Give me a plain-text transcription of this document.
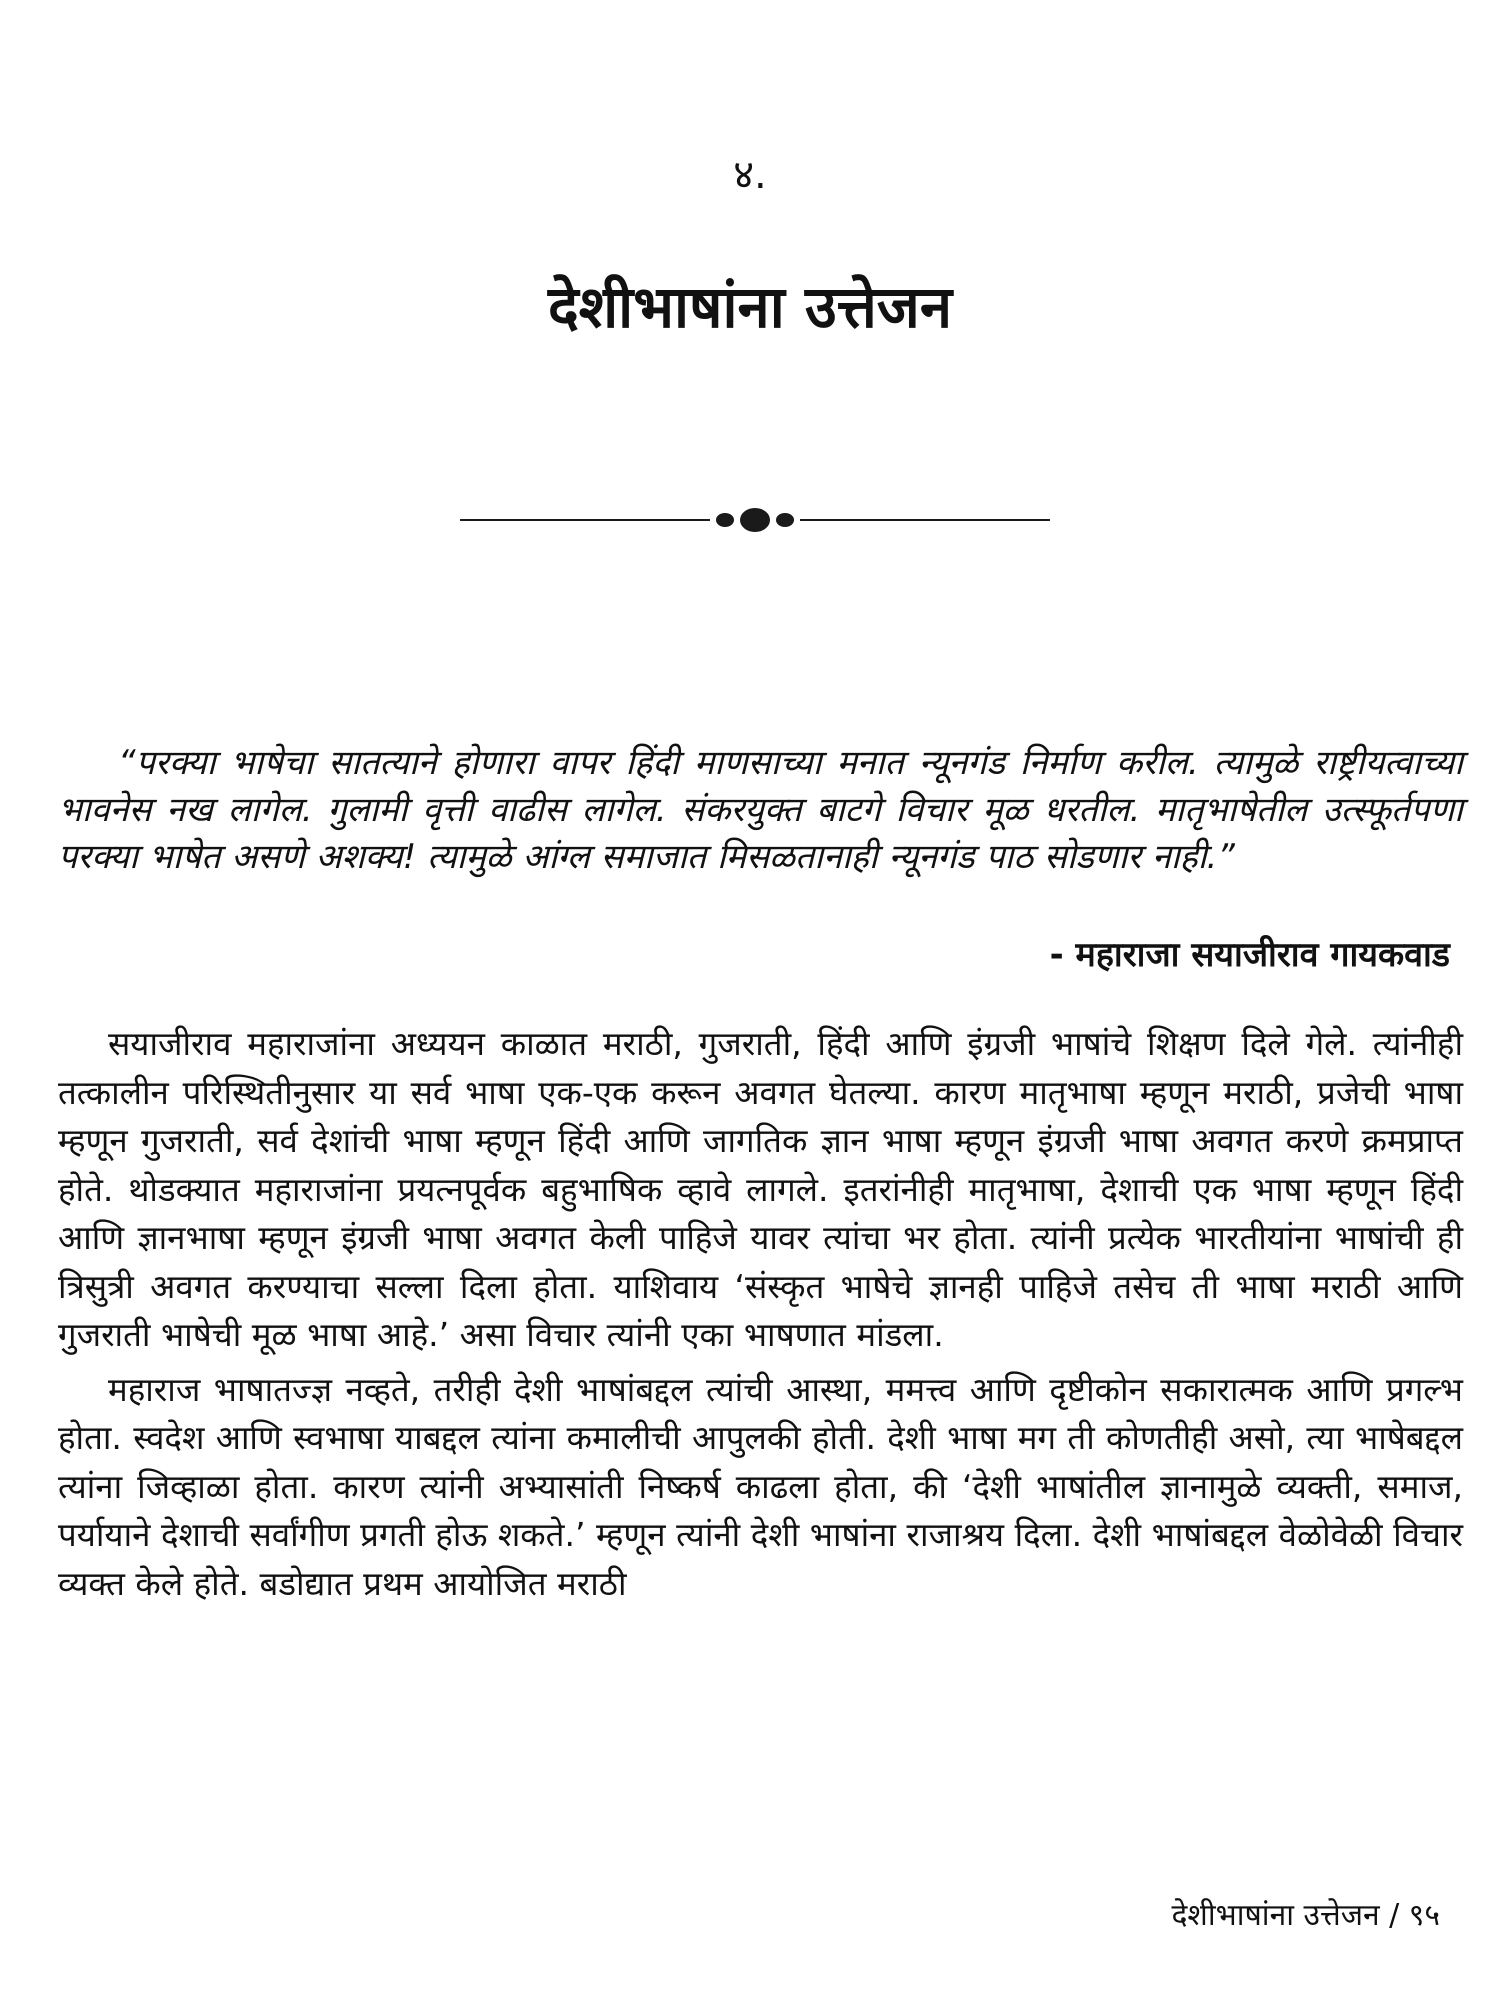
४.
देशीभाषांना उत्तेजन
“परक्या भाषेचा सातत्याने होणारा वापर हिंदी माणसाच्या मनात न्यूनगंड निर्माण करील. त्यामुळे राष्ट्रीयत्वाच्या भावनेस नख लागेल. गुलामी वृत्ती वाढीस लागेल. संकरयुक्त बाटगे विचार मूळ धरतील. मातृभाषेतील उत्स्फूर्तपणा परक्या भाषेत असणे अशक्य! त्यामुळे आंग्ल समाजात मिसळतानाही न्यूनगंड पाठ सोडणार नाही.”
- महाराजा सयाजीराव गायकवाड

सयाजीराव महाराजांना अध्ययन काळात मराठी, गुजराती, हिंदी आणि इंग्रजी भाषांचे शिक्षण दिले गेले. त्यांनीही तत्कालीन परिस्थितीनुसार या सर्व भाषा एक-एक करून अवगत घेतल्या. कारण मातृभाषा म्हणून मराठी, प्रजेची भाषा म्हणून गुजराती, सर्व देशांची भाषा म्हणून हिंदी आणि जागतिक ज्ञान भाषा म्हणून इंग्रजी भाषा अवगत करणे क्रमप्राप्त होते. थोडक्यात महाराजांना प्रयत्नपूर्वक बहुभाषिक व्हावे लागले. इतरांनीही मातृभाषा, देशाची एक भाषा म्हणून हिंदी आणि ज्ञानभाषा म्हणून इंग्रजी भाषा अवगत केली पाहिजे यावर त्यांचा भर होता. त्यांनी प्रत्येक भारतीयांना भाषांची ही त्रिसुत्री अवगत करण्याचा सल्ला दिला होता. याशिवाय ‘संस्कृत भाषेचे ज्ञानही पाहिजे तसेच ती भाषा मराठी आणि गुजराती भाषेची मूळ भाषा आहे.’ असा विचार त्यांनी एका भाषणात मांडला.

महाराज भाषातज्ज्ञ नव्हते, तरीही देशी भाषांबद्दल त्यांची आस्था, ममत्त्व आणि दृष्टीकोन सकारात्मक आणि प्रगल्भ होता. स्वदेश आणि स्वभाषा याबद्दल त्यांना कमालीची आपुलकी होती. देशी भाषा मग ती कोणतीही असो, त्या भाषेबद्दल त्यांना जिव्हाळा होता. कारण त्यांनी अभ्यासांती निष्कर्ष काढला होता, की ‘देशी भाषांतील ज्ञानामुळे व्यक्ती, समाज, पर्यायाने देशाची सर्वांगीण प्रगती होऊ शकते.’ म्हणून त्यांनी देशी भाषांना राजाश्रय दिला. देशी भाषांबद्दल वेळोवेळी विचार व्यक्त केले होते. बडोद्यात प्रथम आयोजित मराठी

देशीभाषांना उत्तेजन / ९५
